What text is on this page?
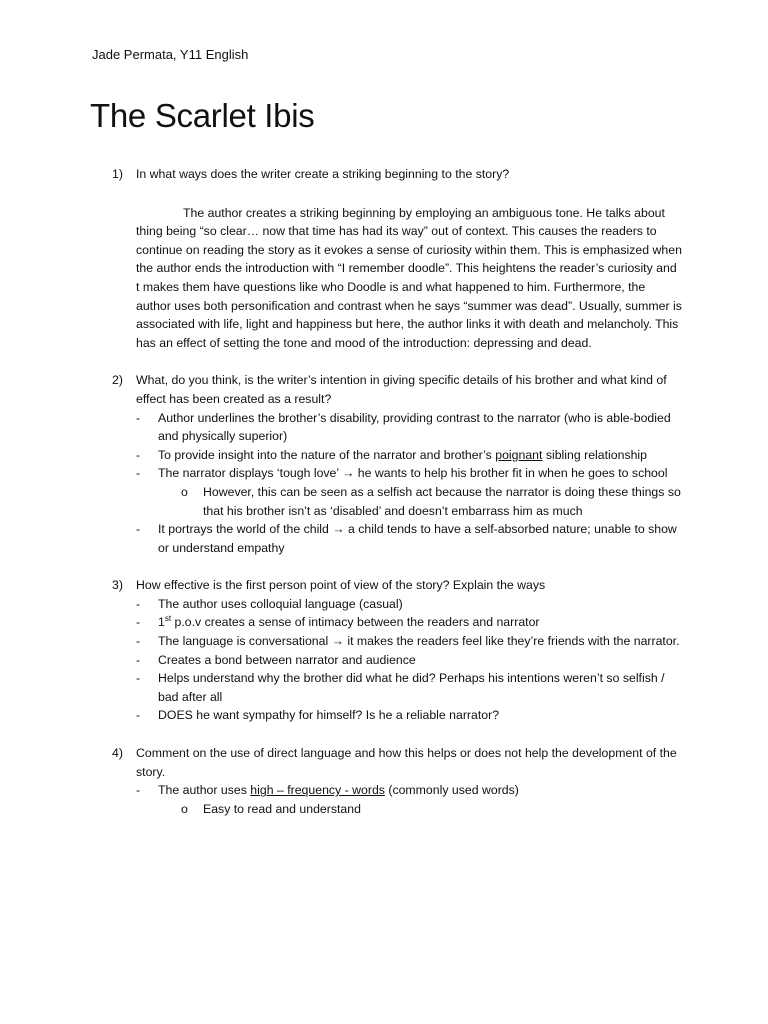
Jade Permata, Y11 English
The Scarlet Ibis
1) In what ways does the writer create a striking beginning to the story?

The author creates a striking beginning by employing an ambiguous tone. He talks about thing being “so clear… now that time has had its way” out of context. This causes the readers to continue on reading the story as it evokes a sense of curiosity within them. This is emphasized when the author ends the introduction with “I remember doodle”. This heightens the reader’s curiosity and t makes them have questions like who Doodle is and what happened to him. Furthermore, the author uses both personification and contrast when he says “summer was dead”. Usually, summer is associated with life, light and happiness but here, the author links it with death and melancholy. This has an effect of setting the tone and mood of the introduction: depressing and dead.

2) What, do you think, is the writer’s intention in giving specific details of his brother and what kind of effect has been created as a result?

- Author underlines the brother’s disability, providing contrast to the narrator (who is able-bodied and physically superior)
- To provide insight into the nature of the narrator and brother’s poignant sibling relationship
- The narrator displays ‘tough love’ → he wants to help his brother fit in when he goes to school
o However, this can be seen as a selfish act because the narrator is doing these things so that his brother isn’t as ‘disabled’ and doesn’t embarrass him as much
- It portrays the world of the child → a child tends to have a self-absorbed nature; unable to show or understand empathy
3) How effective is the first person point of view of the story? Explain the ways

- The author uses colloquial language (casual)
- 1st p.o.v creates a sense of intimacy between the readers and narrator
- The language is conversational → it makes the readers feel like they’re friends with the narrator.
- Creates a bond between narrator and audience
- Helps understand why the brother did what he did? Perhaps his intentions weren’t so selfish / bad after all
- DOES he want sympathy for himself? Is he a reliable narrator?
4) Comment on the use of direct language and how this helps or does not help the development of the story.

- The author uses high – frequency - words (commonly used words)
o Easy to read and understand
